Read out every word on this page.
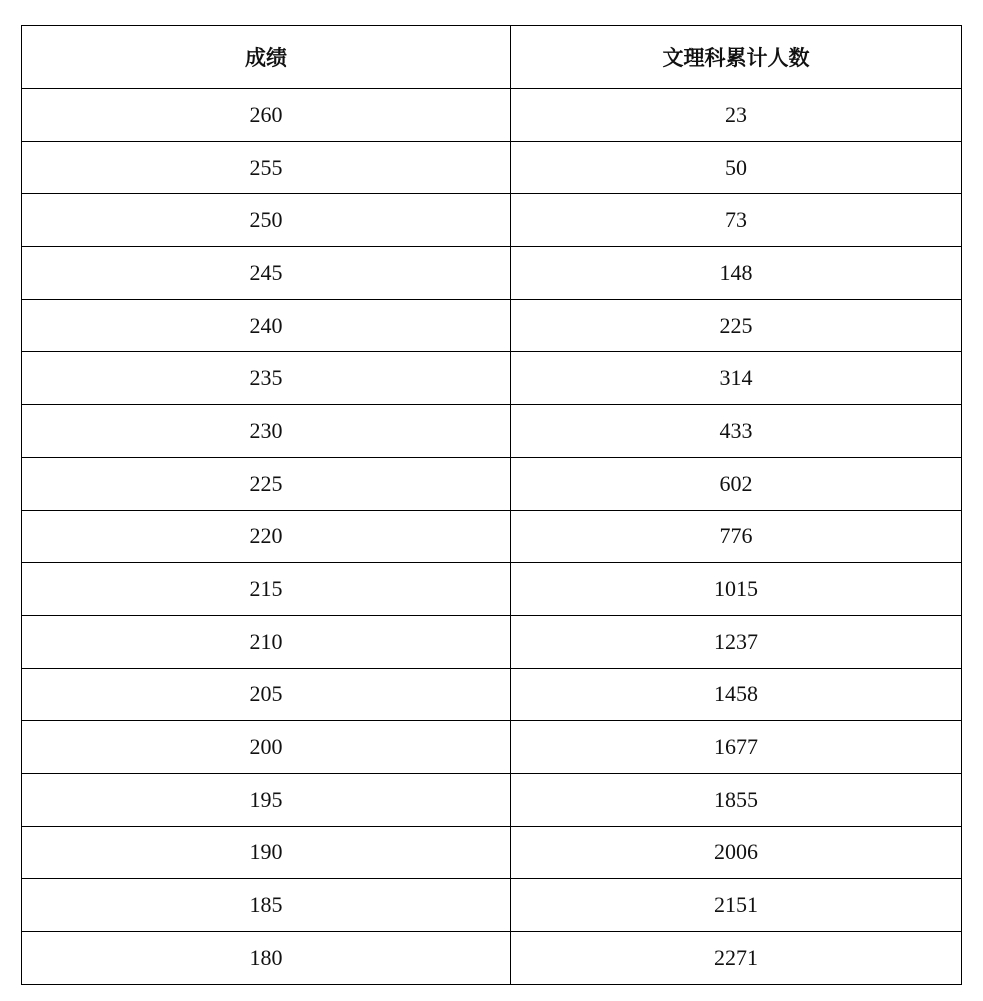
成绩	文理科累计人数
260	23
255	50
250	73
245	148
240	225
235	314
230	433
225	602
220	776
215	1015
210	1237
205	1458
200	1677
195	1855
190	2006
185	2151
180	2271
